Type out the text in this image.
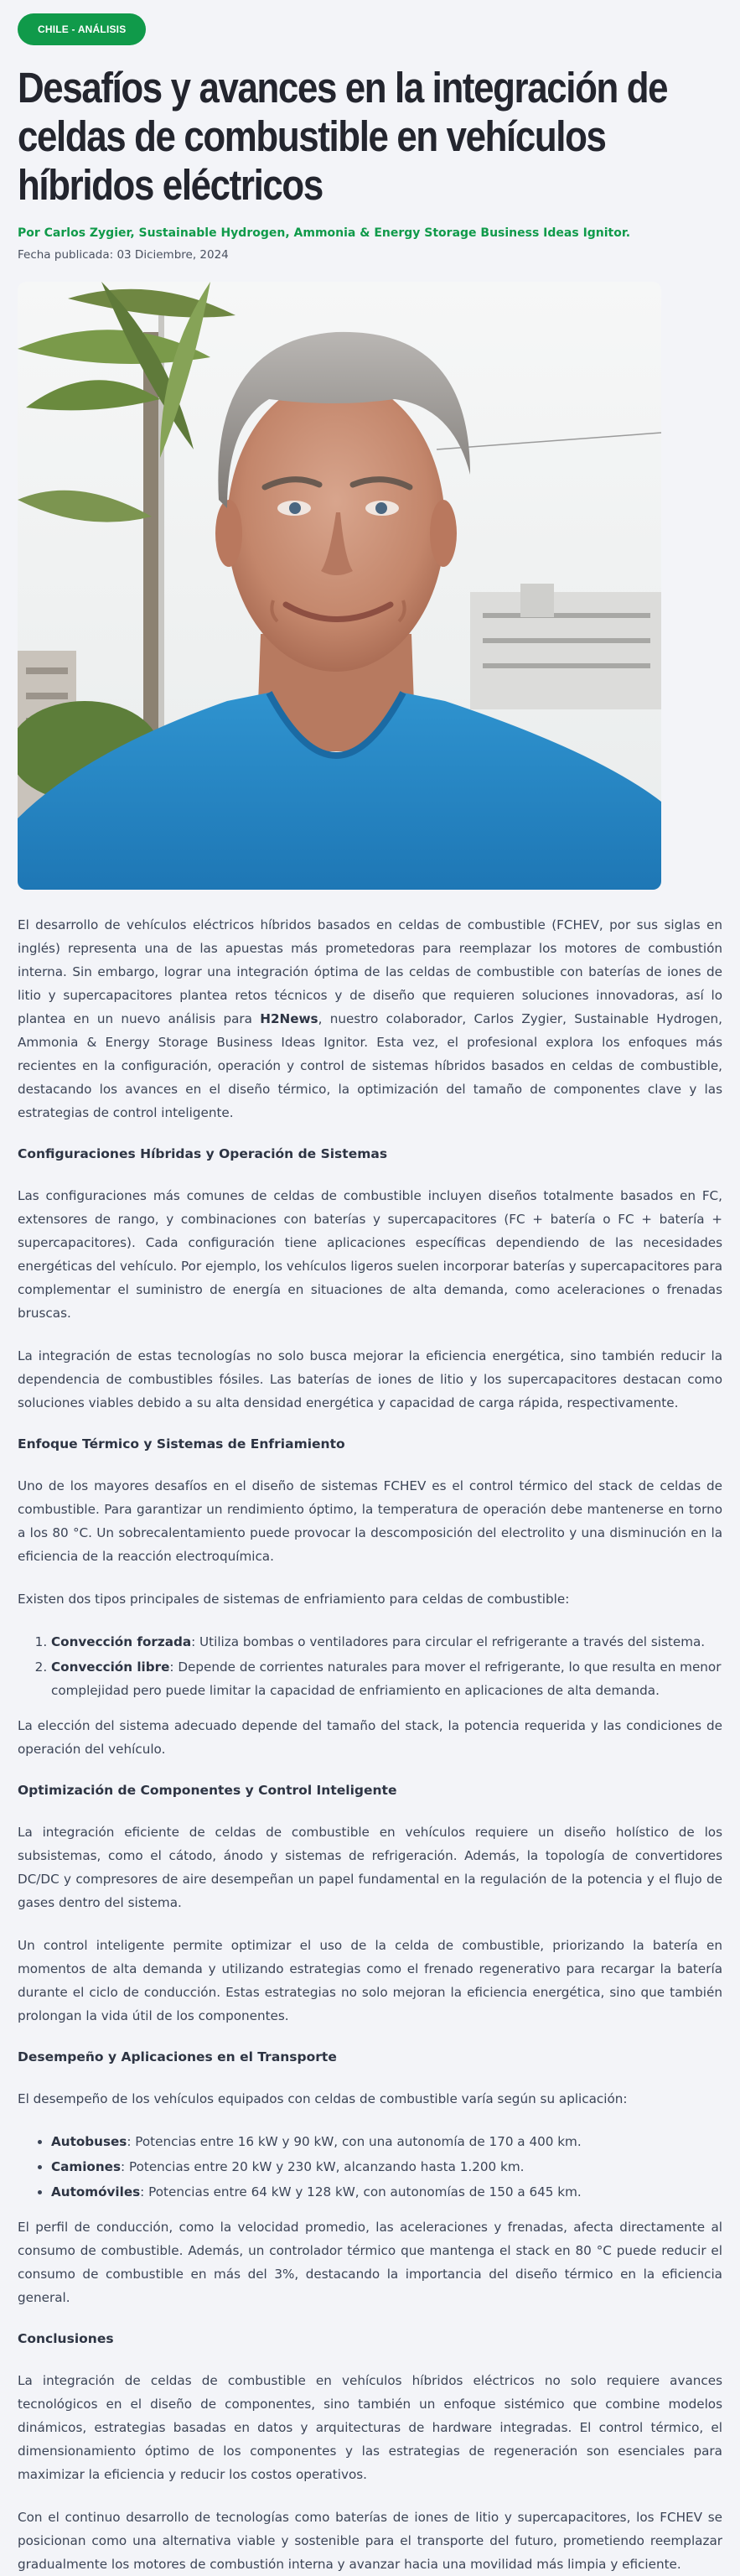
CHILE - ANÁLISIS
Desafíos y avances en la integración de celdas de combustible en vehículos híbridos eléctricos
Por Carlos Zygier, Sustainable Hydrogen, Ammonia & Energy Storage Business Ideas Ignitor.
Fecha publicada: 03 Diciembre, 2024

El desarrollo de vehículos eléctricos híbridos basados en celdas de combustible (FCHEV, por sus siglas en inglés) representa una de las apuestas más prometedoras para reemplazar los motores de combustión interna. Sin embargo, lograr una integración óptima de las celdas de combustible con baterías de iones de litio y supercapacitores plantea retos técnicos y de diseño que requieren soluciones innovadoras, así lo plantea en un nuevo análisis para H2News, nuestro colaborador, Carlos Zygier, Sustainable Hydrogen, Ammonia & Energy Storage Business Ideas Ignitor. Esta vez, el profesional explora los enfoques más recientes en la configuración, operación y control de sistemas híbridos basados en celdas de combustible, destacando los avances en el diseño térmico, la optimización del tamaño de componentes clave y las estrategias de control inteligente.

Configuraciones Híbridas y Operación de Sistemas

Las configuraciones más comunes de celdas de combustible incluyen diseños totalmente basados en FC, extensores de rango, y combinaciones con baterías y supercapacitores (FC + batería o FC + batería + supercapacitores). Cada configuración tiene aplicaciones específicas dependiendo de las necesidades energéticas del vehículo. Por ejemplo, los vehículos ligeros suelen incorporar baterías y supercapacitores para complementar el suministro de energía en situaciones de alta demanda, como aceleraciones o frenadas bruscas.

La integración de estas tecnologías no solo busca mejorar la eficiencia energética, sino también reducir la dependencia de combustibles fósiles. Las baterías de iones de litio y los supercapacitores destacan como soluciones viables debido a su alta densidad energética y capacidad de carga rápida, respectivamente.

Enfoque Térmico y Sistemas de Enfriamiento

Uno de los mayores desafíos en el diseño de sistemas FCHEV es el control térmico del stack de celdas de combustible. Para garantizar un rendimiento óptimo, la temperatura de operación debe mantenerse en torno a los 80 °C. Un sobrecalentamiento puede provocar la descomposición del electrolito y una disminución en la eficiencia de la reacción electroquímica.

Existen dos tipos principales de sistemas de enfriamiento para celdas de combustible:

1. Convección forzada: Utiliza bombas o ventiladores para circular el refrigerante a través del sistema.
2. Convección libre: Depende de corrientes naturales para mover el refrigerante, lo que resulta en menor complejidad pero puede limitar la capacidad de enfriamiento en aplicaciones de alta demanda.

La elección del sistema adecuado depende del tamaño del stack, la potencia requerida y las condiciones de operación del vehículo.

Optimización de Componentes y Control Inteligente

La integración eficiente de celdas de combustible en vehículos requiere un diseño holístico de los subsistemas, como el cátodo, ánodo y sistemas de refrigeración. Además, la topología de convertidores DC/DC y compresores de aire desempeñan un papel fundamental en la regulación de la potencia y el flujo de gases dentro del sistema.

Un control inteligente permite optimizar el uso de la celda de combustible, priorizando la batería en momentos de alta demanda y utilizando estrategias como el frenado regenerativo para recargar la batería durante el ciclo de conducción. Estas estrategias no solo mejoran la eficiencia energética, sino que también prolongan la vida útil de los componentes.

Desempeño y Aplicaciones en el Transporte

El desempeño de los vehículos equipados con celdas de combustible varía según su aplicación:

• Autobuses: Potencias entre 16 kW y 90 kW, con una autonomía de 170 a 400 km.
• Camiones: Potencias entre 20 kW y 230 kW, alcanzando hasta 1.200 km.
• Automóviles: Potencias entre 64 kW y 128 kW, con autonomías de 150 a 645 km.

El perfil de conducción, como la velocidad promedio, las aceleraciones y frenadas, afecta directamente al consumo de combustible. Además, un controlador térmico que mantenga el stack en 80 °C puede reducir el consumo de combustible en más del 3%, destacando la importancia del diseño térmico en la eficiencia general.

Conclusiones

La integración de celdas de combustible en vehículos híbridos eléctricos no solo requiere avances tecnológicos en el diseño de componentes, sino también un enfoque sistémico que combine modelos dinámicos, estrategias basadas en datos y arquitecturas de hardware integradas. El control térmico, el dimensionamiento óptimo de los componentes y las estrategias de regeneración son esenciales para maximizar la eficiencia y reducir los costos operativos.

Con el continuo desarrollo de tecnologías como baterías de iones de litio y supercapacitores, los FCHEV se posicionan como una alternativa viable y sostenible para el transporte del futuro, prometiendo reemplazar gradualmente los motores de combustión interna y avanzar hacia una movilidad más limpia y eficiente.
